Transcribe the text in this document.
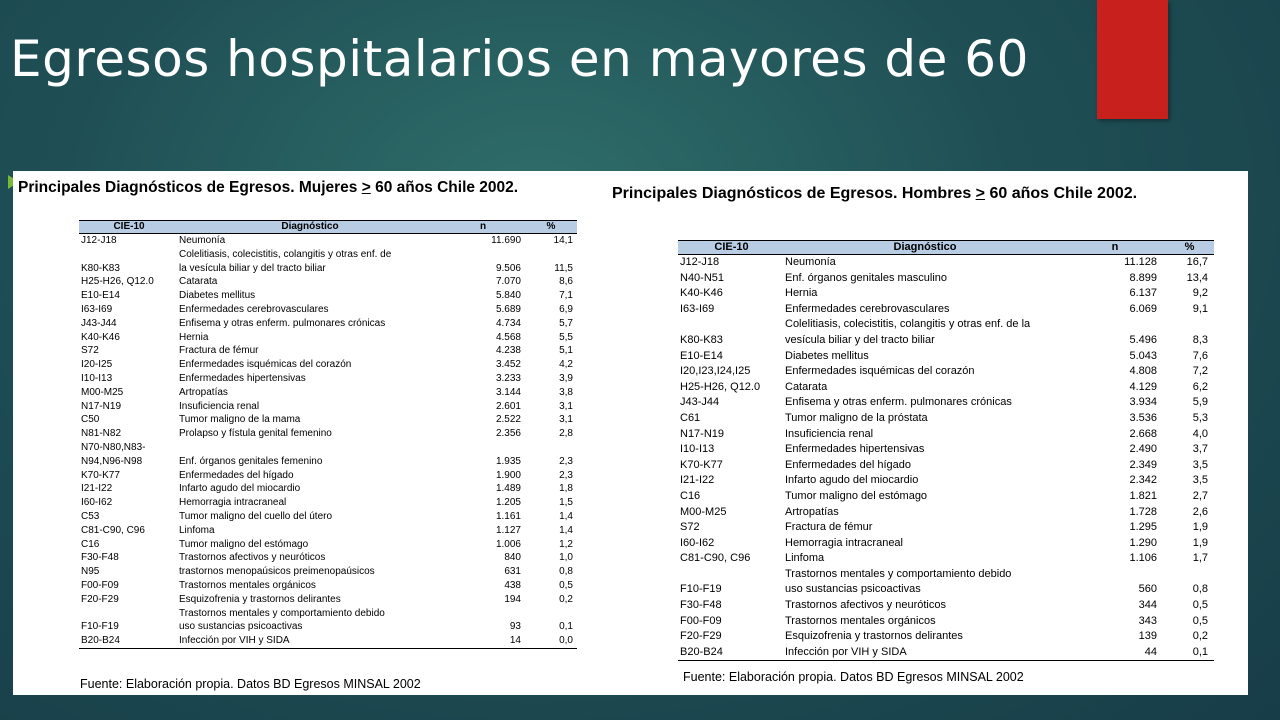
Egresos hospitalarios en mayores de 60
Principales Diagnósticos de Egresos. Mujeres > 60 años Chile 2002.
CIE-10	Diagnóstico	n	%
J12-J18	Neumonía	11.690	14,1
	Colelitiasis, colecistitis, colangitis y otras enf. de		
K80-K83	la vesícula biliar y del tracto biliar	9.506	11,5
H25-H26, Q12.0	Catarata	7.070	8,6
E10-E14	Diabetes mellitus	5.840	7,1
I63-I69	Enfermedades cerebrovasculares	5.689	6,9

J43-J44	Enfisema y otras enferm. pulmonares crónicas	4.734	5,7
K40-K46	Hernia	4.568	5,5
S72	Fractura de fémur	4.238	5,1
I20-I25	Enfermedades isquémicas del corazón	3.452	4,2
I10-I13	Enfermedades hipertensivas	3.233	3,9
M00-M25	Artropatías	3.144	3,8
N17-N19	Insuficiencia renal	2.601	3,1
C50	Tumor maligno de la mama	2.522	3,1
N81-N82	Prolapso y fístula genital femenino	2.356	2,8
N70-N80,N83-			
N94,N96-N98	Enf. órganos genitales femenino	1.935	2,3
K70-K77	Enfermedades del hígado	1.900	2,3
I21-I22	Infarto agudo del miocardio	1.489	1,8
I60-I62	Hemorragia intracraneal	1.205	1,5
C53	Tumor maligno del cuello del útero	1.161	1,4
C81-C90, C96	Linfoma	1.127	1,4
C16	Tumor maligno del estómago	1.006	1,2
F30-F48	Trastornos afectivos y neuróticos	840	1,0
N95	trastornos menopaúsicos preimenopaúsicos	631	0,8
F00-F09	Trastornos mentales orgánicos	438	0,5
F20-F29	Esquizofrenia y trastornos delirantes	194	0,2
	Trastornos mentales y comportamiento debido		
F10-F19	uso sustancias psicoactivas	93	0,1
B20-B24	Infección por VIH y SIDA	14	0,0
Fuente: Elaboración propia. Datos BD Egresos MINSAL 2002
Principales Diagnósticos de Egresos. Hombres > 60 años Chile 2002.
CIE-10	Diagnóstico	n	%
J12-J18	Neumonía	11.128	16,7
N40-N51	Enf. órganos genitales masculino	8.899	13,4
K40-K46	Hernia	6.137	9,2
I63-I69	Enfermedades cerebrovasculares	6.069	9,1
	Colelitiasis, colecistitis, colangitis y otras enf. de la		
K80-K83	vesícula biliar y del tracto biliar	5.496	8,3
E10-E14	Diabetes mellitus	5.043	7,6
I20,I23,I24,I25	Enfermedades isquémicas del corazón	4.808	7,2
H25-H26, Q12.0	Catarata	4.129	6,2
J43-J44	Enfisema y otras enferm. pulmonares crónicas	3.934	5,9
C61	Tumor maligno de la próstata	3.536	5,3
N17-N19	Insuficiencia renal	2.668	4,0
I10-I13	Enfermedades hipertensivas	2.490	3,7
K70-K77	Enfermedades del hígado	2.349	3,5
I21-I22	Infarto agudo del miocardio	2.342	3,5
C16	Tumor maligno del estómago	1.821	2,7
M00-M25	Artropatías	1.728	2,6
S72	Fractura de fémur	1.295	1,9
I60-I62	Hemorragia intracraneal	1.290	1,9
C81-C90, C96	Linfoma	1.106	1,7
	Trastornos mentales y comportamiento debido		
F10-F19	uso sustancias psicoactivas	560	0,8
F30-F48	Trastornos afectivos y neuróticos	344	0,5
F00-F09	Trastornos mentales orgánicos	343	0,5
F20-F29	Esquizofrenia y trastornos delirantes	139	0,2
B20-B24	Infección por VIH y SIDA	44	0,1
Fuente: Elaboración propia. Datos BD Egresos MINSAL 2002
